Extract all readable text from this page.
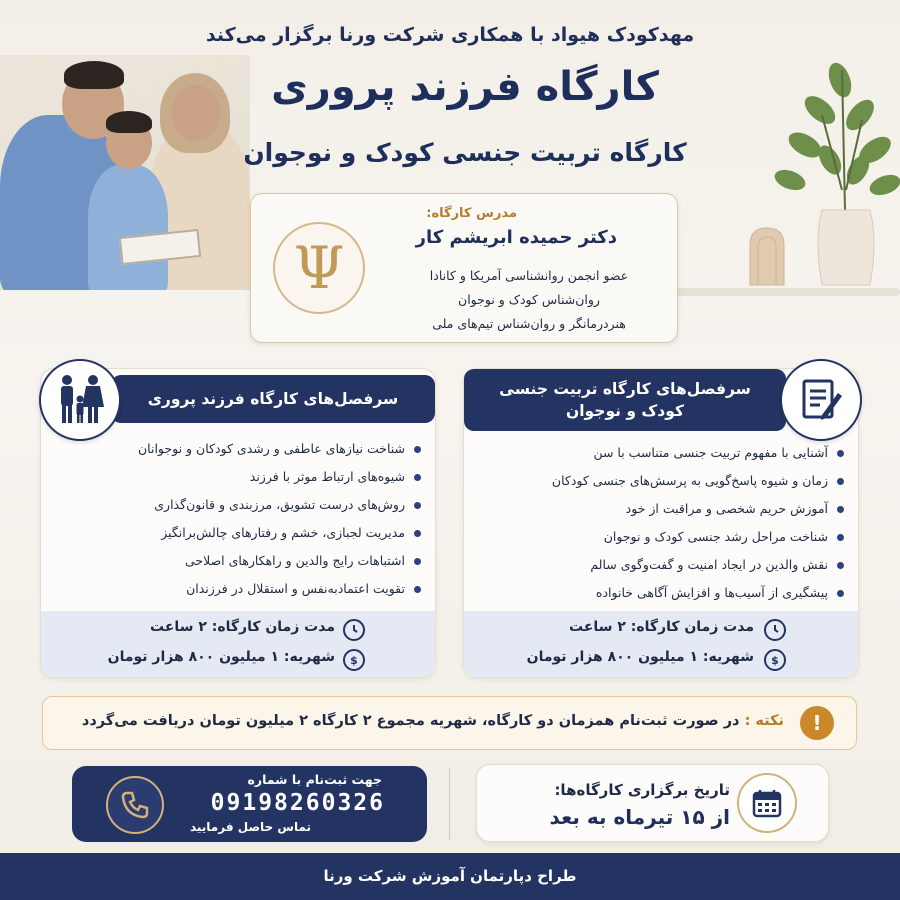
مهدکودک هیواد با همکاری شرکت ورنا برگزار می‌کند
کارگاه فرزند پروری
کارگاه تربیت جنسی کودک و نوجوان
Ψ
مدرس کارگاه:
دکتر حمیده ابریشم کار
عضو انجمن روانشناسی آمریکا و کانادا
روان‌شناس کودک و نوجوان
هنردرمانگر و روان‌شناس تیم‌های ملی
سرفصل‌های کارگاه فرزند پروری
شناخت نیازهای عاطفی و رشدی کودکان و نوجوانان
شیوه‌های ارتباط موثر با فرزند
روش‌های درست تشویق، مرزبندی و قانون‌گذاری
مدیریت لجبازی، خشم و رفتارهای چالش‌برانگیز
اشتباهات رایج والدین و راهکارهای اصلاحی
تقویت اعتمادبه‌نفس و استقلال در فرزندان
مدت زمان کارگاه: ۲ ساعت
$
شهریه: ۱ میلیون ۸۰۰ هزار تومان
سرفصل‌های کارگاه تربیت جنسی کودک و نوجوان
آشنایی با مفهوم تربیت جنسی متناسب با سن
زمان و شیوه پاسخ‌گویی به پرسش‌های جنسی کودکان
آموزش حریم شخصی و مراقبت از خود
شناخت مراحل رشد جنسی کودک و نوجوان
نقش والدین در ایجاد امنیت و گفت‌وگوی سالم
پیشگیری از آسیب‌ها و افزایش آگاهی خانواده
مدت زمان کارگاه: ۲ ساعت
$
شهریه: ۱ میلیون ۸۰۰ هزار تومان
!
نکته : در صورت ثبت‌نام همزمان دو کارگاه، شهریه مجموع ۲ کارگاه ۲ میلیون تومان دریافت می‌گردد
جهت ثبت‌نام با شماره
09198260326
تماس حاصل فرمایید
تاریخ برگزاری کارگاه‌ها:
از ۱۵ تیرماه به بعد
طراح دپارتمان آموزش شرکت ورنا
